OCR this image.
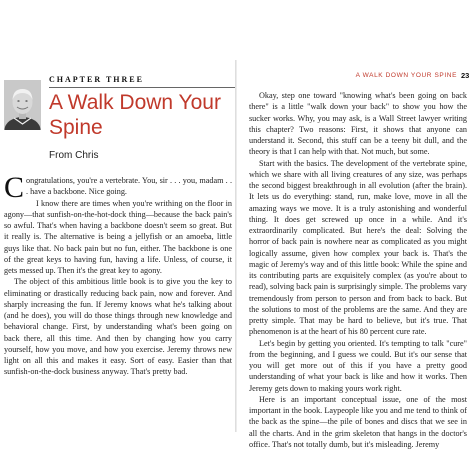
CHAPTER THREE
A Walk Down Your Spine
From Chris

Congratulations, you're a vertebrate. You, sir . . . you, madam . . . have a backbone. Nice going.

I know there are times when you're writhing on the floor in agony—that sunfish-on-the-hot-dock thing—because the back pain's so awful. That's when having a backbone doesn't seem so great. But it really is. The alternative is being a jellyfish or an amoeba, little guys like that. No back pain but no fun, either. The backbone is one of the great keys to having fun, having a life. Unless, of course, it gets messed up. Then it's the great key to agony.

The object of this ambitious little book is to give you the key to eliminating or drastically reducing back pain, now and forever. And sharply increasing the fun. If Jeremy knows what he's talking about (and he does), you will do those things through new knowledge and behavioral change. First, by understanding what's been going on back there, all this time. And then by changing how you carry yourself, how you move, and how you exercise. Jeremy throws new light on all this and makes it easy. Sort of easy. Easier than that sunfish-on-the-dock business anyway. That's pretty bad.

A WALK DOWN YOUR SPINE 23

Okay, step one toward "knowing what's been going on back there" is a little "walk down your back" to show you how the sucker works. Why, you may ask, is a Wall Street lawyer writing this chapter? Two reasons: First, it shows that anyone can understand it. Second, this stuff can be a teeny bit dull, and the theory is that I can help with that. Not much, but some.

Start with the basics. The development of the vertebrate spine, which we share with all living creatures of any size, was perhaps the second biggest breakthrough in all evolution (after the brain). It lets us do everything: stand, run, make love, move in all the amazing ways we move. It is a truly astonishing and wonderful thing. It does get screwed up once in a while. And it's extraordinarily complicated. But here's the deal: Solving the horror of back pain is nowhere near as complicated as you might logically assume, given how complex your back is. That's the magic of Jeremy's way and of this little book: While the spine and its contributing parts are exquisitely complex (as you're about to read), solving back pain is surprisingly simple. The problems vary tremendously from person to person and from back to back. But the solutions to most of the problems are the same. And they are pretty simple. That may be hard to believe, but it's true. That phenomenon is at the heart of his 80 percent cure rate.

Let's begin by getting you oriented. It's tempting to talk "cure" from the beginning, and I guess we could. But it's our sense that you will get more out of this if you have a pretty good understanding of what your back is like and how it works. Then Jeremy gets down to making yours work right.

Here is an important conceptual issue, one of the most important in the book. Laypeople like you and me tend to think of the back as the spine—the pile of bones and discs that we see in all the charts. And in the grim skeleton that hangs in the doctor's office. That's not totally dumb, but it's misleading. Jeremy
